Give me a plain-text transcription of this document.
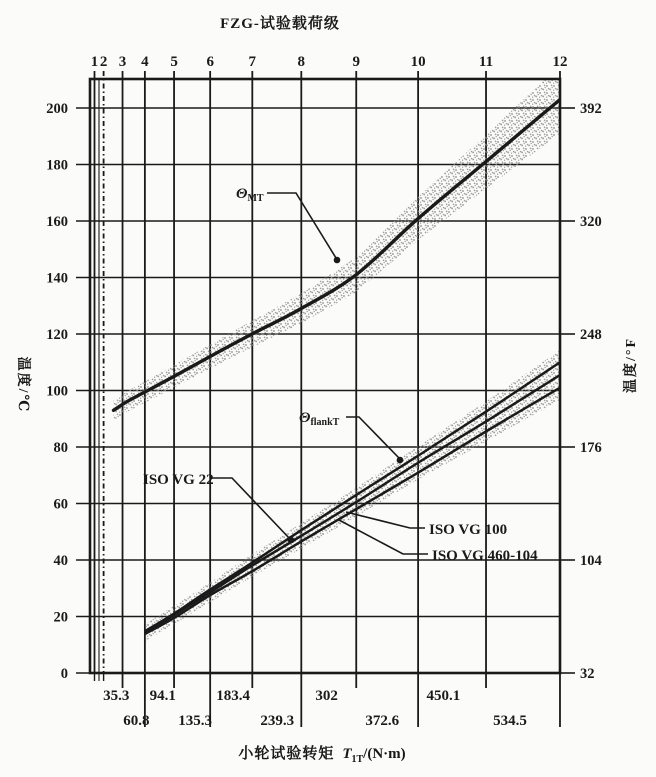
1 2 3 4 5 6 7	8	9	10	11	12
0
20
40
60
80
100
120
140
160
180
200
32
104
176
248
320
392
35.3 94.1	183.4	302	450.1
60.8 135.3	239.3	372.6	534.5
$\Theta_{MT}$
$\Theta_{flankT}$
ISO VG 22
ISO VG 100
ISO VG 460-104
FZG-试验载荷级
温度/℃	温度/°F
小轮试验转矩 $T_{1T}/(N\cdot m)$
